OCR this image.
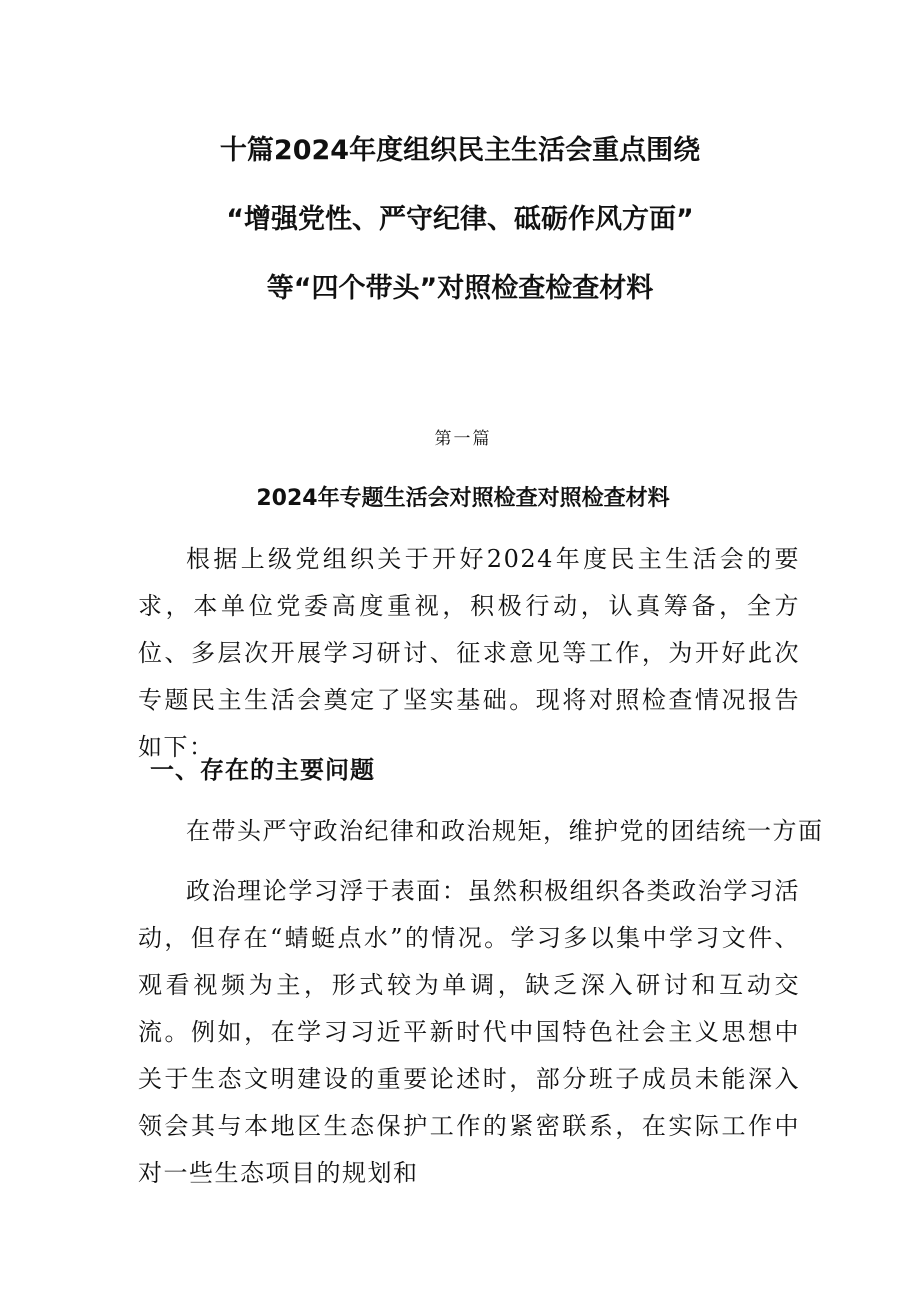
十篇2024年度组织民主生活会重点围绕
“增强党性、严守纪律、砥砺作风方面”
等“四个带头”对照检查检查材料
第一篇
2024年专题生活会对照检查对照检查材料

根据上级党组织关于开好2024年度民主生活会的要求，本单位党委高度重视，积极行动，认真筹备，全方位、多层次开展学习研讨、征求意见等工作，为开好此次专题民主生活会奠定了坚实基础。现将对照检查情况报告如下：

一、存在的主要问题

在带头严守政治纪律和政治规矩，维护党的团结统一方面

政治理论学习浮于表面：虽然积极组织各类政治学习活动，但存在“蜻蜓点水”的情况。学习多以集中学习文件、观看视频为主，形式较为单调，缺乏深入研讨和互动交流。例如，在学习习近平新时代中国特色社会主义思想中关于生态文明建设的重要论述时，部分班子成员未能深入领会其与本地区生态保护工作的紧密联系，在实际工作中对一些生态项目的规划和
